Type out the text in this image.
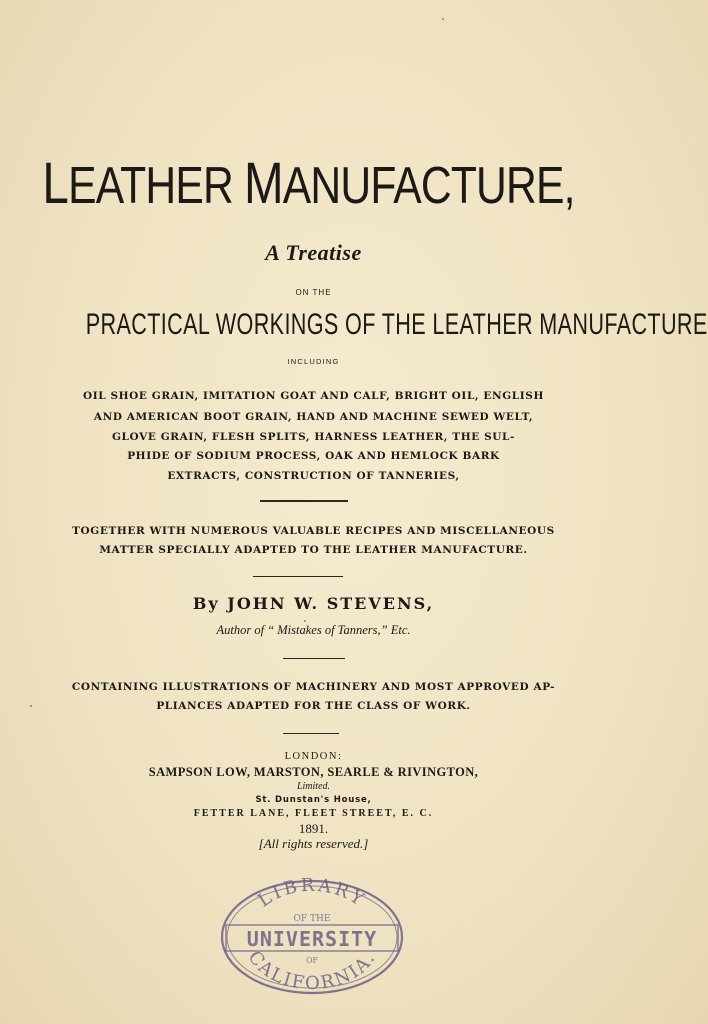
LEATHER MANUFACTURE,
A Treatise
ON THE
PRACTICAL WORKINGS OF THE LEATHER MANUFACTURE
INCLUDING
OIL SHOE GRAIN, IMITATION GOAT AND CALF, BRIGHT OIL, ENGLISH
AND AMERICAN BOOT GRAIN, HAND AND MACHINE SEWED WELT,
GLOVE GRAIN, FLESH SPLITS, HARNESS LEATHER, THE SUL-
PHIDE OF SODIUM PROCESS, OAK AND HEMLOCK BARK
EXTRACTS, CONSTRUCTION OF TANNERIES,
TOGETHER WITH NUMEROUS VALUABLE RECIPES AND MISCELLANEOUS
MATTER SPECIALLY ADAPTED TO THE LEATHER MANUFACTURE.
By JOHN W. STEVENS,
Author of “ Mistakes of Tanners,” Etc.
CONTAINING ILLUSTRATIONS OF MACHINERY AND MOST APPROVED AP-
PLIANCES ADAPTED FOR THE CLASS OF WORK.
LONDON:
SAMPSON LOW, MARSTON, SEARLE & RIVINGTON,
Limited.
St. Dunstan's House,
FETTER LANE, FLEET STREET, E. C.
1891.
[All rights reserved.]
LIBRARY
OF THE
UNIVERSITY
OF
CALIFORNIA.
